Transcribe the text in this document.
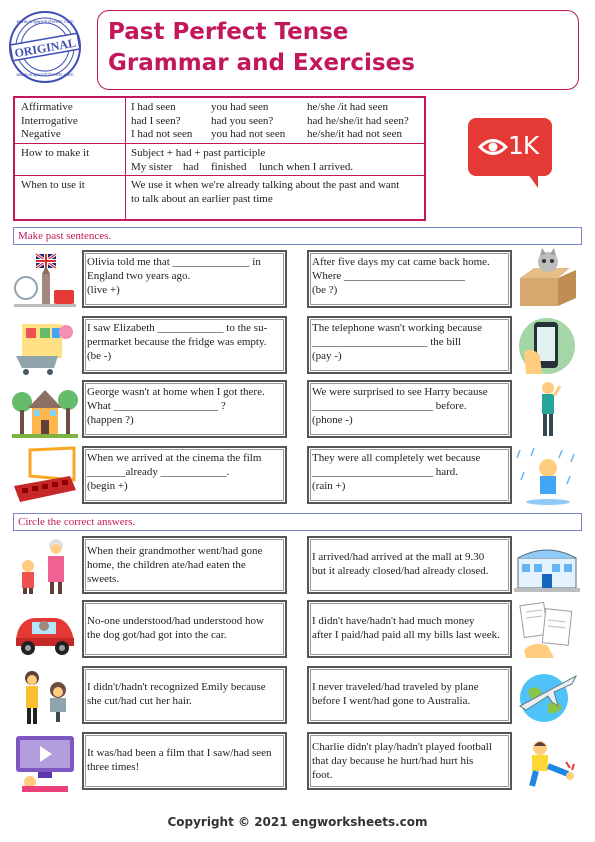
ORIGINAL
www.engworksheets.com
www.engworksheets.com
Past Perfect Tense
Grammar and Exercises
Affirmative
Interrogative
Negative
I had seen
had I seen?
I had not seen
you had seen
had you seen?
you had not seen
he/she /it had seen
had he/she/it had seen?
he/she/it had not seen
How to make it	Subject + had + past participle
My sister had finished lunch when I arrived.
When to use it	We use it when we're already talking about the past and want
to talk about an earlier past time
1K
Make past sentences.
Olivia told me that ______________ in
England two years ago.
(live +)
After five days my cat came back home.
Where ______________________
(be ?)
I saw Elizabeth ____________ to the su-
permarket because the fridge was empty.
(be -)
The telephone wasn't working because
_____________________ the bill
(pay -)
George wasn't at home when I got there.
What ___________________ ?
(happen ?)
We were surprised to see Harry because
______________________ before.
(phone -)
When we arrived at the cinema the film
_______already ____________.
(begin +)
They were all completely wet because
______________________ hard.
(rain +)
Circle the correct answers.
When their grandmother went/had gone
home, the children ate/had eaten the
sweets.
I arrived/had arrived at the mall at 9.30
but it already closed/had already closed.
No-one understood/had understood how
the dog got/had got into the car.
I didn't have/hadn't had much money
after I paid/had paid all my bills last week.
I didn't/hadn't recognized Emily because
she cut/had cut her hair.
I never traveled/had traveled by plane
before I went/had gone to Australia.
It was/had been a film that I saw/had seen
three times!
Charlie didn't play/hadn't played football
that day because he hurt/had hurt his
foot.
Copyright © 2021 engworksheets.com
